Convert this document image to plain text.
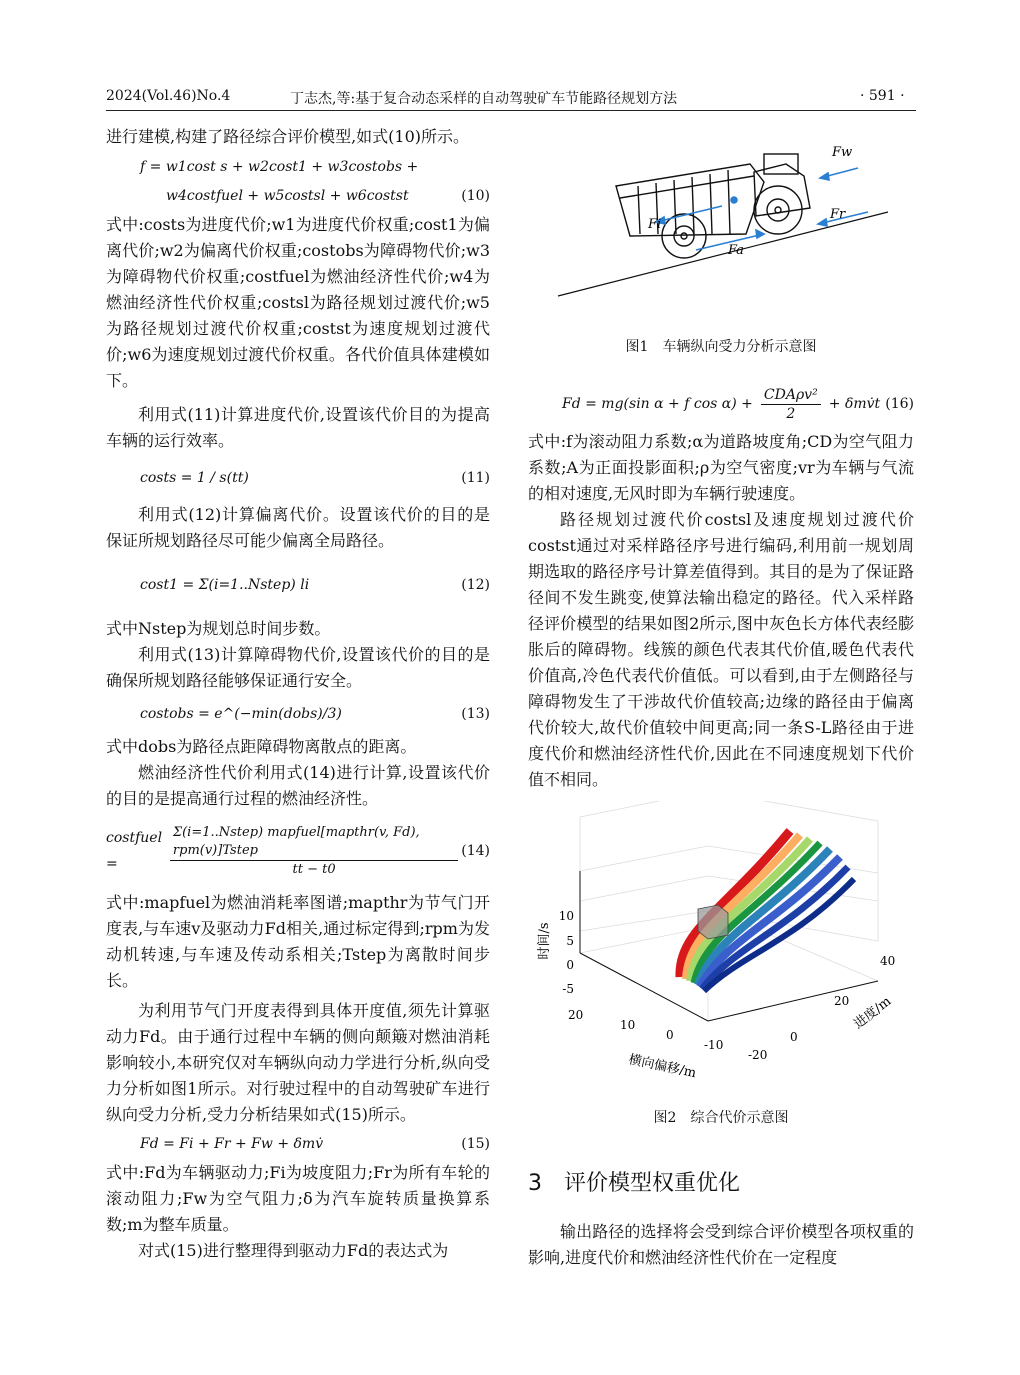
2024(Vol.46)No.4	丁志杰,等:基于复合动态采样的自动驾驶矿车节能路径规划方法	· 591 ·

进行建模,构建了路径综合评价模型,如式(10)所示。

f = w1cost s + w2cost1 + w3costobs +
w4costfuel + w5costsl + w6costst	(10)

式中:costs为进度代价;w1为进度代价权重;cost1为偏离代价;w2为偏离代价权重;costobs为障碍物代价;w3为障碍物代价权重;costfuel为燃油经济性代价;w4为燃油经济性代价权重;costsl为路径规划过渡代价;w5为路径规划过渡代价权重;costst为速度规划过渡代价;w6为速度规划过渡代价权重。各代价值具体建模如下。

利用式(11)计算进度代价,设置该代价目的为提高车辆的运行效率。

costs = 1 / s(tt)	(11)

利用式(12)计算偏离代价。设置该代价的目的是保证所规划路径尽可能少偏离全局路径。

cost1 = Σ(i=1..Nstep) li	(12)

式中Nstep为规划总时间步数。

利用式(13)计算障碍物代价,设置该代价的目的是确保所规划路径能够保证通行安全。

costobs = e^(−min(dobs)/3)	(13)

式中dobs为路径点距障碍物离散点的距离。

燃油经济性代价利用式(14)进行计算,设置该代价的目的是提高通行过程的燃油经济性。

costfuel =	$\frac{\text{Σ(i=1..Nstep) mapfuel[mapthr(v, Fd), rpm(v)]Tstep}}{tt - t0} (14)$

式中:mapfuel为燃油消耗率图谱;mapthr为节气门开度表,与车速v及驱动力Fd相关,通过标定得到;rpm为发动机转速,与车速及传动系相关;Tstep为离散时间步长。

为利用节气门开度表得到具体开度值,须先计算驱动力Fd。由于通行过程中车辆的侧向颠簸对燃油消耗影响较小,本研究仅对车辆纵向动力学进行分析,纵向受力分析如图1所示。对行驶过程中的自动驾驶矿车进行纵向受力分析,受力分析结果如式(15)所示。

Fd = Fi + Fr + Fw + δmv̇	(15)

式中:Fd为车辆驱动力;Fi为坡度阻力;Fr为所有车轮的滚动阻力;Fw为空气阻力;δ为汽车旋转质量换算系数;m为整车质量。

对式(15)进行整理得到驱动力Fd的表达式为

Fw
Fr
Fi
Fa
图1　车辆纵向受力分析示意图
Fd = mg(sin α + f $\cos \alpha) + \frac{\text{CDAρv²}}{2}$ + δmv̇t (16)

式中:f为滚动阻力系数;α为道路坡度角;CD为空气阻力系数;A为正面投影面积;ρ为空气密度;vr为车辆与气流的相对速度,无风时即为车辆行驶速度。

路径规划过渡代价costsl及速度规划过渡代价costst通过对采样路径序号进行编码,利用前一规划周期选取的路径序号计算差值得到。其目的是为了保证路径间不发生跳变,使算法输出稳定的路径。代入采样路径评价模型的结果如图2所示,图中灰色长方体代表经膨胀后的障碍物。线簇的颜色代表其代价值,暖色代表代价值高,冷色代表代价值低。可以看到,由于左侧路径与障碍物发生了干涉故代价值较高;边缘的路径由于偏离代价较大,故代价值较中间更高;同一条S-L路径由于进度代价和燃油经济性代价,因此在不同速度规划下代价值不相同。

时间/s
10
5
0
-5
40
20
0
进度/m
20
10
0
-10
-20
横向偏移/m
图2　综合代价示意图
3　评价模型权重优化

输出路径的选择将会受到综合评价模型各项权重的影响,进度代价和燃油经济性代价在一定程度
